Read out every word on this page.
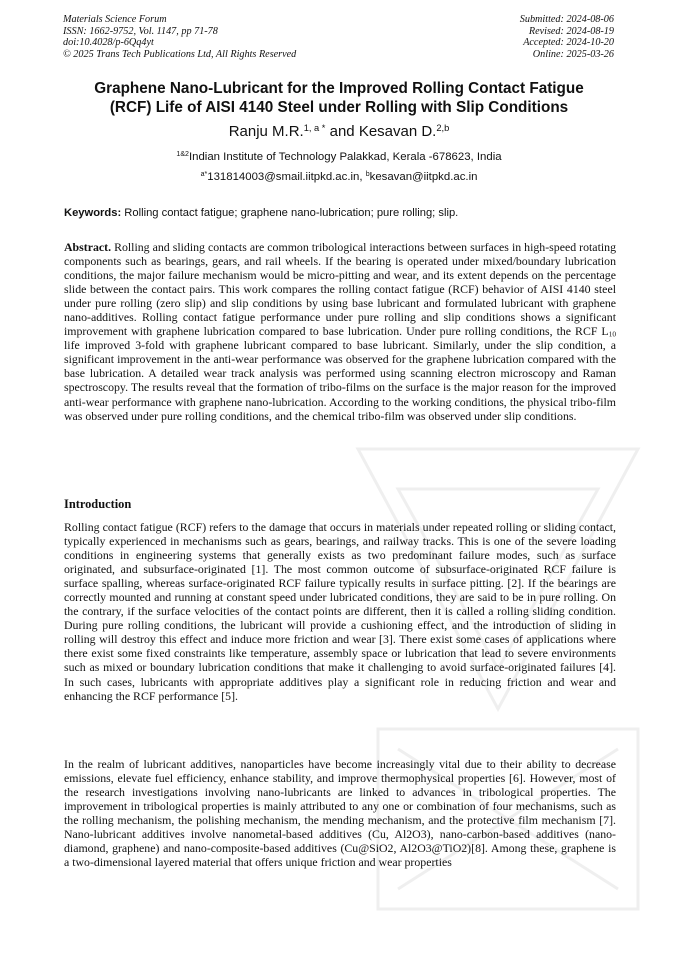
Materials Science Forum
ISSN: 1662-9752, Vol. 1147, pp 71-78
doi:10.4028/p-6Qq4yt
© 2025 Trans Tech Publications Ltd, All Rights Reserved
Submitted: 2024-08-06
Revised: 2024-08-19
Accepted: 2024-10-20
Online: 2025-03-26
Graphene Nano-Lubricant for the Improved Rolling Contact Fatigue
(RCF) Life of AISI 4140 Steel under Rolling with Slip Conditions
Ranju M.R.$^{1, a *}$ and Kesavan D.$^{2,b}$
$^{1\&2}$Indian Institute of Technology Palakkad, Kerala -678623, India
$^{a*}$131814003@smail.iitpkd.ac.in, $^b$kesavan@iitpkd.ac.in
Keywords: Rolling contact fatigue; graphene nano-lubrication; pure rolling; slip.
Abstract. Rolling and sliding contacts are common tribological interactions between surfaces in high-speed rotating components such as bearings, gears, and rail wheels. If the bearing is operated under mixed/boundary lubrication conditions, the major failure mechanism would be micro-pitting and wear, and its extent depends on the percentage slide between the contact pairs. This work compares the rolling contact fatigue (RCF) behavior of AISI 4140 steel under pure rolling (zero slip) and slip conditions by using base lubricant and formulated lubricant with graphene nano-additives. Rolling contact fatigue performance under pure rolling and slip conditions shows a significant improvement with graphene lubrication compared to base lubrication. Under pure rolling conditions, the RCF $L_{10}$ life improved 3-fold with graphene lubricant compared to base lubricant. Similarly, under the slip condition, a significant improvement in the anti-wear performance was observed for the graphene lubrication compared with the base lubrication. A detailed wear track analysis was performed using scanning electron microscopy and Raman spectroscopy. The results reveal that the formation of tribo-films on the surface is the major reason for the improved anti-wear performance with graphene nano-lubrication. According to the working conditions, the physical tribo-film was observed under pure rolling conditions, and the chemical tribo-film was observed under slip conditions.
Introduction
Rolling contact fatigue (RCF) refers to the damage that occurs in materials under repeated rolling or sliding contact, typically experienced in mechanisms such as gears, bearings, and railway tracks. This is one of the severe loading conditions in engineering systems that generally exists as two predominant failure modes, such as surface originated, and subsurface-originated [1]. The most common outcome of subsurface-originated RCF failure is surface spalling, whereas surface-originated RCF failure typically results in surface pitting. [2]. If the bearings are correctly mounted and running at constant speed under lubricated conditions, they are said to be in pure rolling. On the contrary, if the surface velocities of the contact points are different, then it is called a rolling sliding condition. During pure rolling conditions, the lubricant will provide a cushioning effect, and the introduction of sliding in rolling will destroy this effect and induce more friction and wear [3]. There exist some cases of applications where there exist some fixed constraints like temperature, assembly space or lubrication that lead to severe environments such as mixed or boundary lubrication conditions that make it challenging to avoid surface-originated failures [4]. In such cases, lubricants with appropriate additives play a significant role in reducing friction and wear and enhancing the RCF performance [5].
In the realm of lubricant additives, nanoparticles have become increasingly vital due to their ability to decrease emissions, elevate fuel efficiency, enhance stability, and improve thermophysical properties [6]. However, most of the research investigations involving nano-lubricants are linked to advances in tribological properties. The improvement in tribological properties is mainly attributed to any one or combination of four mechanisms, such as the rolling mechanism, the polishing mechanism, the mending mechanism, and the protective film mechanism [7]. Nano-lubricant additives involve nanometal-based additives (Cu, Al2O3), nano-carbon-based additives (nano-diamond, graphene) and nano-composite-based additives (Cu@SiO2, Al2O3@TiO2)[8]. Among these, graphene is a two-dimensional layered material that offers unique friction and wear properties
